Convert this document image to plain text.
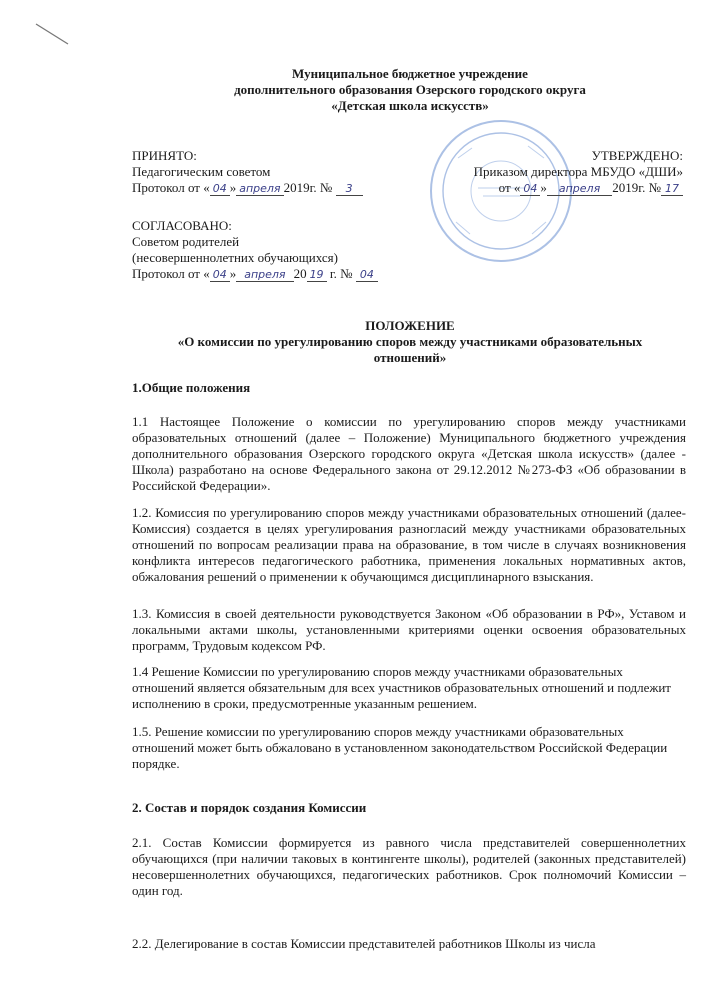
Муниципальное бюджетное учреждение
дополнительного образования Озерского городского округа
«Детская школа искусств»
ПРИНЯТО:
Педагогическим советом
Протокол от « 04 » апреля 2019г. № 3
УТВЕРЖДЕНО:
Приказом директора МБУДО «ДШИ»
от « 04 » апреля 2019г. № 17
СОГЛАСОВАНО:
Советом родителей
(несовершеннолетних обучающихся)
Протокол от « 04 » апреля 20 19 г. № 04
ПОЛОЖЕНИЕ
«О комиссии по урегулированию споров между участниками образовательных
отношений»
1.Общие положения
1.1 Настоящее Положение о комиссии по урегулированию споров между участниками образовательных отношений (далее – Положение) Муниципального бюджетного учреждения дополнительного образования Озерского городского округа «Детская школа искусств» (далее - Школа) разработано на основе Федерального закона от 29.12.2012 №273-ФЗ «Об образовании в Российской Федерации».
1.2. Комиссия по урегулированию споров между участниками образовательных отношений (далее-Комиссия) создается в целях урегулирования разногласий между участниками образовательных отношений по вопросам реализации права на образование, в том числе в случаях возникновения конфликта интересов педагогического работника, применения локальных нормативных актов, обжалования решений о применении к обучающимся дисциплинарного взыскания.
1.3. Комиссия в своей деятельности руководствуется Законом «Об образовании в РФ», Уставом и локальными актами школы, установленными критериями оценки освоения образовательных программ, Трудовым кодексом РФ.
1.4 Решение Комиссии по урегулированию споров между участниками образовательных отношений является обязательным для всех участников образовательных отношений и подлежит исполнению в сроки, предусмотренные указанным решением.
1.5. Решение комиссии по урегулированию споров между участниками образовательных отношений может быть обжаловано в установленном законодательством Российской Федерации порядке.
2. Состав и порядок создания Комиссии
2.1. Состав Комиссии формируется из равного числа представителей совершеннолетних обучающихся (при наличии таковых в контингенте школы), родителей (законных представителей) несовершеннолетних обучающихся, педагогических работников. Срок полномочий Комиссии – один год.
2.2. Делегирование в состав Комиссии представителей работников Школы из числа
